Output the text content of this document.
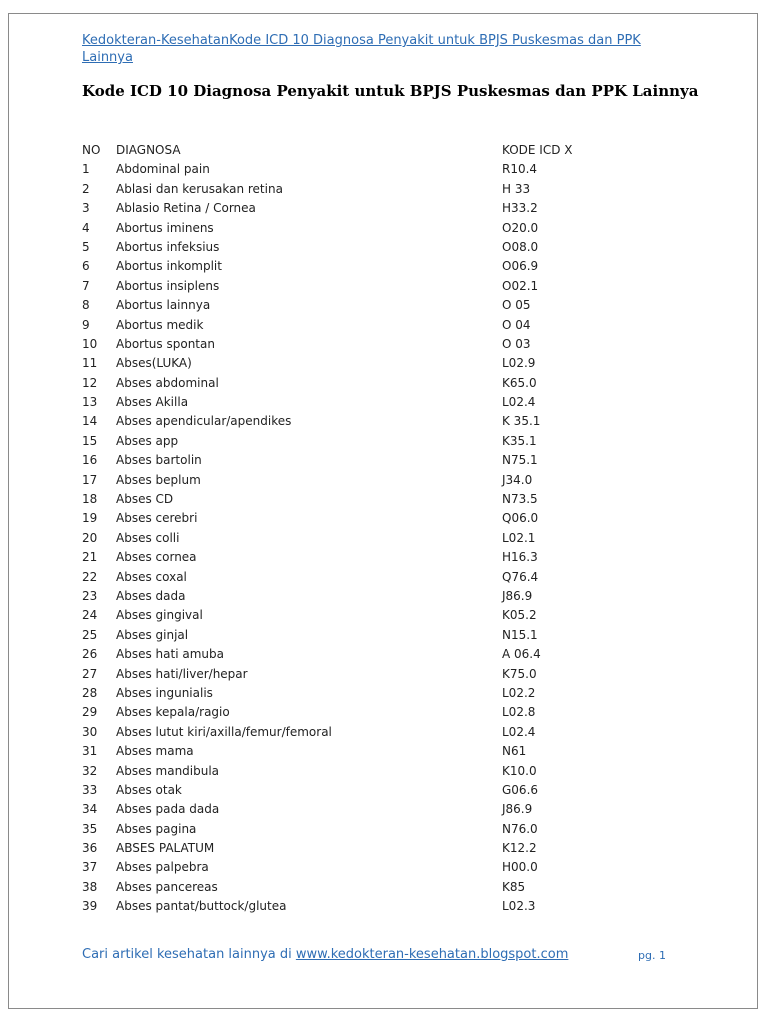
Kedokteran-KesehatanKode ICD 10 Diagnosa Penyakit untuk BPJS Puskesmas dan PPK Lainnya
Kode ICD 10 Diagnosa Penyakit untuk BPJS Puskesmas dan PPK Lainnya
NO DIAGNOSA	KODE ICD X
1 Abdominal pain	R10.4
2 Ablasi dan kerusakan retina	H 33
3 Ablasio Retina / Cornea	H33.2
4 Abortus iminens	O20.0
5 Abortus infeksius	O08.0
6 Abortus inkomplit	O06.9
7 Abortus insiplens	O02.1
8 Abortus lainnya	O 05
9 Abortus medik	O 04
10 Abortus spontan	O 03
11 Abses(LUKA)	L02.9
12 Abses abdominal	K65.0
13 Abses Akilla	L02.4
14 Abses apendicular/apendikes	K 35.1
15 Abses app	K35.1
16 Abses bartolin	N75.1
17 Abses beplum	J34.0
18 Abses CD	N73.5
19 Abses cerebri	Q06.0
20 Abses colli	L02.1
21 Abses cornea	H16.3
22 Abses coxal	Q76.4
23 Abses dada	J86.9
24 Abses gingival	K05.2
25 Abses ginjal	N15.1
26 Abses hati amuba	A 06.4
27 Abses hati/liver/hepar	K75.0
28 Abses ingunialis	L02.2
29 Abses kepala/ragio	L02.8
30 Abses lutut kiri/axilla/femur/femoral	L02.4
31 Abses mama	N61
32 Abses mandibula	K10.0
33 Abses otak	G06.6
34 Abses pada dada	J86.9
35 Abses pagina	N76.0
36 ABSES PALATUM	K12.2
37 Abses palpebra	H00.0
38 Abses pancereas	K85
39 Abses pantat/buttock/glutea	L02.3
Cari artikel kesehatan lainnya di www.kedokteran-kesehatan.blogspot.com	pg. 1
